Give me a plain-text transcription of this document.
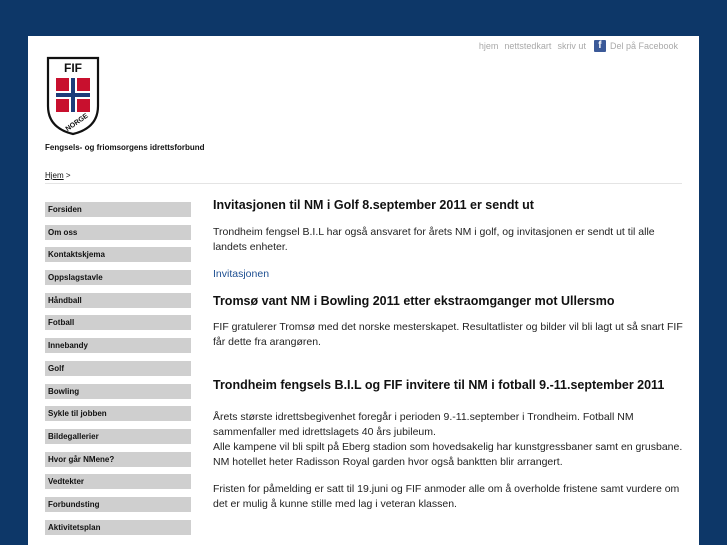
hjem nettstedkart skriv ut	f Del på Facebook
FIF
NORGE
Fengsels- og friomsorgens idrettsforbund
Hjem >
Forsiden
Om oss
Kontaktskjema
Oppslagstavle
Håndball
Fotball
Innebandy
Golf
Bowling
Sykle til jobben
Bildegallerier
Hvor går NMene?
Vedtekter
Forbundsting
Aktivitetsplan
Invitasjonen til NM i Golf 8.september 2011 er sendt ut

Trondheim fengsel B.I.L har også ansvaret for årets NM i golf, og invitasjonen er sendt ut til alle landets enheter.

Invitasjonen

Tromsø vant NM i Bowling 2011 etter ekstraomganger mot Ullersmo

FIF gratulerer Tromsø med det norske mesterskapet. Resultatlister og bilder vil bli lagt ut så snart FIF får dette fra arangøren.

Trondheim fengsels B.I.L og FIF invitere til NM i fotball 9.-11.september 2011

Årets største idrettsbegivenhet foregår i perioden 9.-11.september i Trondheim. Fotball NM sammenfaller med idrettslagets 40 års jubileum.

Alle kampene vil bli spilt på Eberg stadion som hovedsakelig har kunstgressbaner samt en grusbane.

NM hotellet heter Radisson Royal garden hvor også banktten blir arrangert.

Fristen for påmelding er satt til 19.juni og FIF anmoder alle om å overholde fristene samt vurdere om det er mulig å kunne stille med lag i veteran klassen.
